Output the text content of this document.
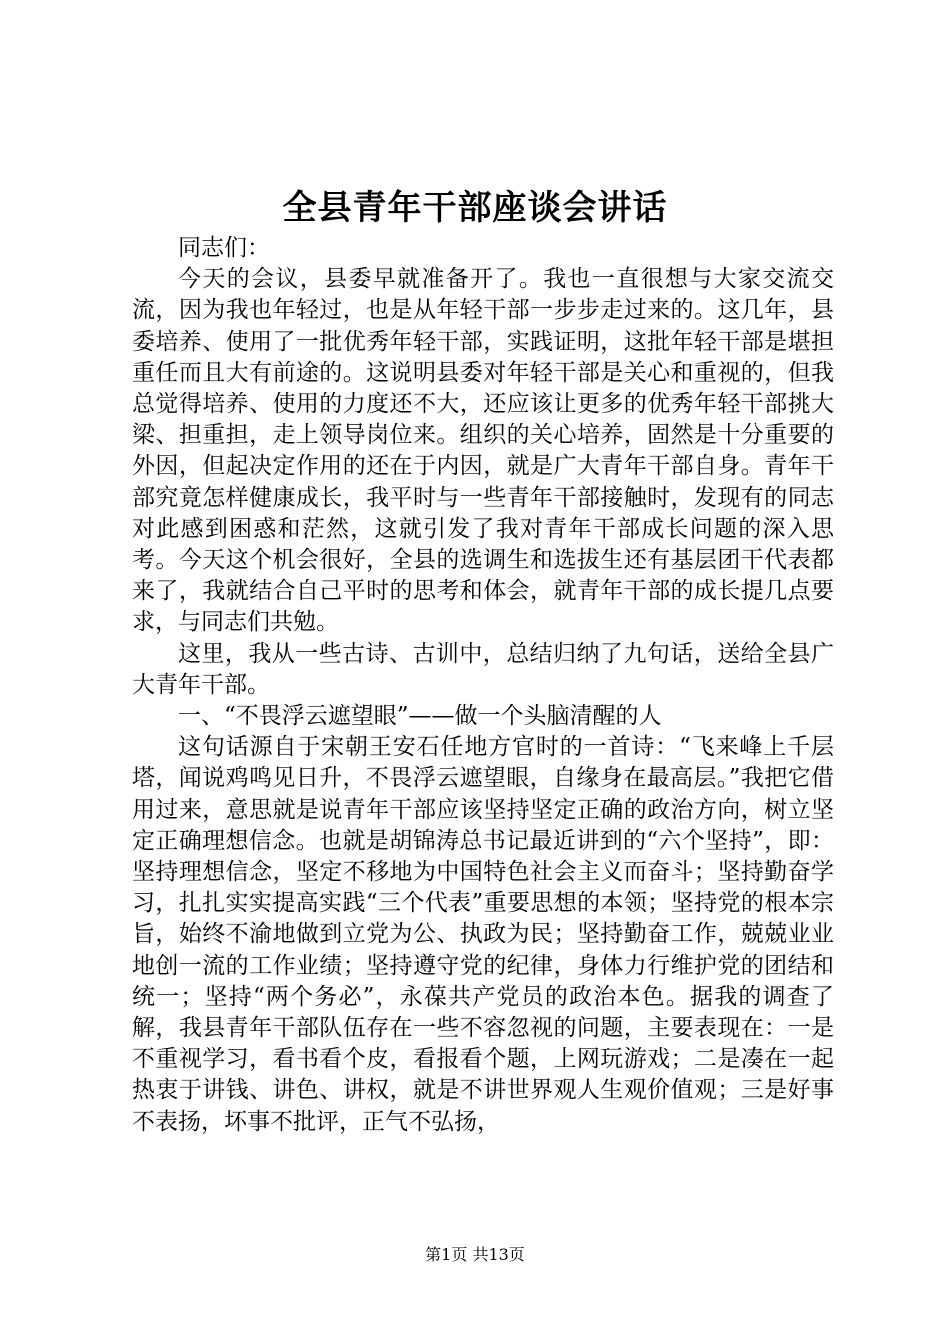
全县青年干部座谈会讲话

同志们：

今天的会议，县委早就准备开了。我也一直很想与大家交流交流，因为我也年轻过，也是从年轻干部一步步走过来的。这几年，县委培养、使用了一批优秀年轻干部，实践证明，这批年轻干部是堪担重任而且大有前途的。这说明县委对年轻干部是关心和重视的，但我总觉得培养、使用的力度还不大，还应该让更多的优秀年轻干部挑大梁、担重担，走上领导岗位来。组织的关心培养，固然是十分重要的外因，但起决定作用的还在于内因，就是广大青年干部自身。青年干部究竟怎样健康成长，我平时与一些青年干部接触时，发现有的同志对此感到困惑和茫然，这就引发了我对青年干部成长问题的深入思考。今天这个机会很好，全县的选调生和选拔生还有基层团干代表都来了，我就结合自己平时的思考和体会，就青年干部的成长提几点要求，与同志们共勉。

这里，我从一些古诗、古训中，总结归纳了九句话，送给全县广大青年干部。

一、“不畏浮云遮望眼”——做一个头脑清醒的人

这句话源自于宋朝王安石任地方官时的一首诗：“飞来峰上千层塔，闻说鸡鸣见日升，不畏浮云遮望眼，自缘身在最高层。”我把它借用过来，意思就是说青年干部应该坚持坚定正确的政治方向，树立坚定正确理想信念。也就是胡锦涛总书记最近讲到的“六个坚持”，即：坚持理想信念，坚定不移地为中国特色社会主义而奋斗；坚持勤奋学习，扎扎实实提高实践“三个代表”重要思想的本领；坚持党的根本宗旨，始终不渝地做到立党为公、执政为民；坚持勤奋工作，兢兢业业地创一流的工作业绩；坚持遵守党的纪律，身体力行维护党的团结和统一；坚持“两个务必”，永葆共产党员的政治本色。据我的调查了解，我县青年干部队伍存在一些不容忽视的问题，主要表现在：一是不重视学习，看书看个皮，看报看个题，上网玩游戏；二是凑在一起热衷于讲钱、讲色、讲权，就是不讲世界观人生观价值观；三是好事不表扬，坏事不批评，正气不弘扬，

第1页 共13页
